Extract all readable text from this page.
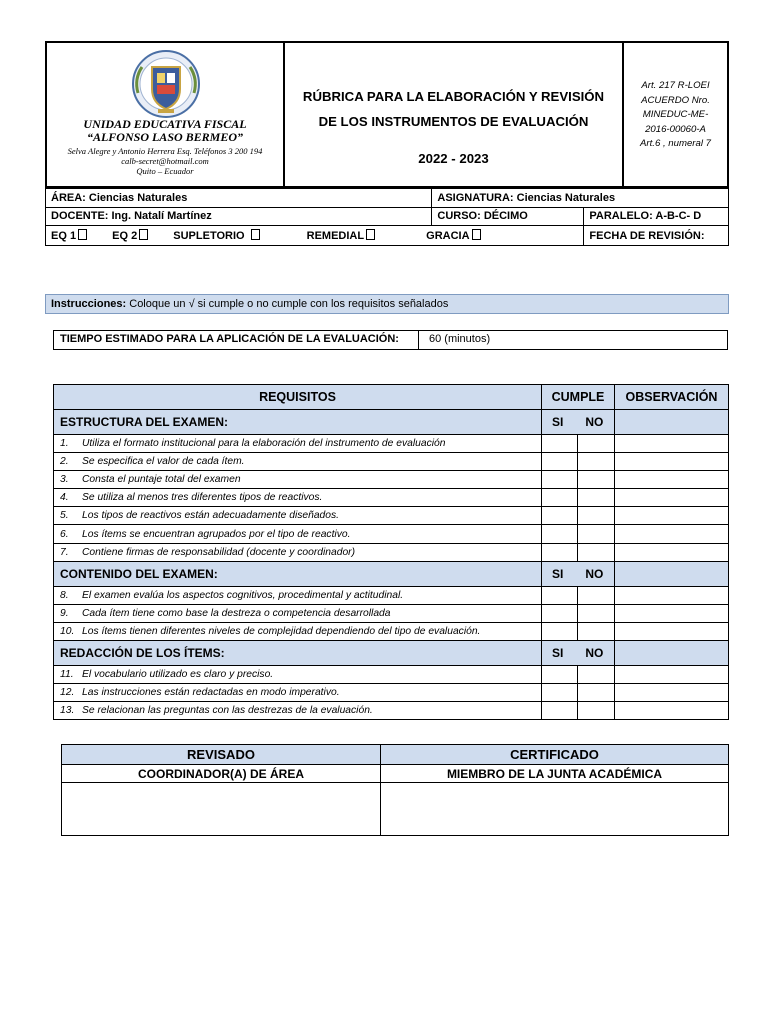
UNIDAD EDUCATIVA FISCAL
“ALFONSO LASO BERMEO”
Selva Alegre y Antonio Herrera Esq. Teléfonos 3 200 194
calb-secret@hotmail.com
Quito – Ecuador
RÚBRICA PARA LA ELABORACIÓN Y REVISIÓN
DE LOS INSTRUMENTOS DE EVALUACIÓN
2022 - 2023
Art. 217 R-LOEI
ACUERDO Nro.
MINEDUC-ME-
2016-00060-A
Art.6 , numeral 7
ÁREA: Ciencias Naturales	ASIGNATURA: Ciencias Naturales	
DOCENTE: Ing. Natalí Martínez	CURSO: DÉCIMO	PARALELO: A-B-C- D
EQ 1 EQ 2 SUPLETORIO REMEDIAL GRACIA		FECHA DE REVISIÓN:
Instrucciones: Coloque un √ si cumple o no cumple con los requisitos señalados
TIEMPO ESTIMADO PARA LA APLICACIÓN DE LA EVALUACIÓN:	60 (minutos)
REQUISITOS	CUMPLE		OBSERVACIÓN
ESTRUCTURA DEL EXAMEN:	SI NO		
1. Utiliza el formato institucional para la elaboración del instrumento de evaluación			
2. Se especifica el valor de cada ítem.			
3. Consta el puntaje total del examen			
4. Se utiliza al menos tres diferentes tipos de reactivos.			
5. Los tipos de reactivos están adecuadamente diseñados.			
6. Los ítems se encuentran agrupados por el tipo de reactivo.			
7. Contiene firmas de responsabilidad (docente y coordinador)			
CONTENIDO DEL EXAMEN:	SI NO		
8. El examen evalúa los aspectos cognitivos, procedimental y actitudinal.			
9. Cada ítem tiene como base la destreza o competencia desarrollada			
10. Los ítems tienen diferentes niveles de complejidad dependiendo del tipo de evaluación.			
REDACCIÓN DE LOS ÍTEMS:	SI NO		
11. El vocabulario utilizado es claro y preciso.			
12. Las instrucciones están redactadas en modo imperativo.			
13. Se relacionan las preguntas con las destrezas de la evaluación.			
REVISADO	CERTIFICADO
COORDINADOR(A) DE ÁREA	MIEMBRO DE LA JUNTA ACADÉMICA
